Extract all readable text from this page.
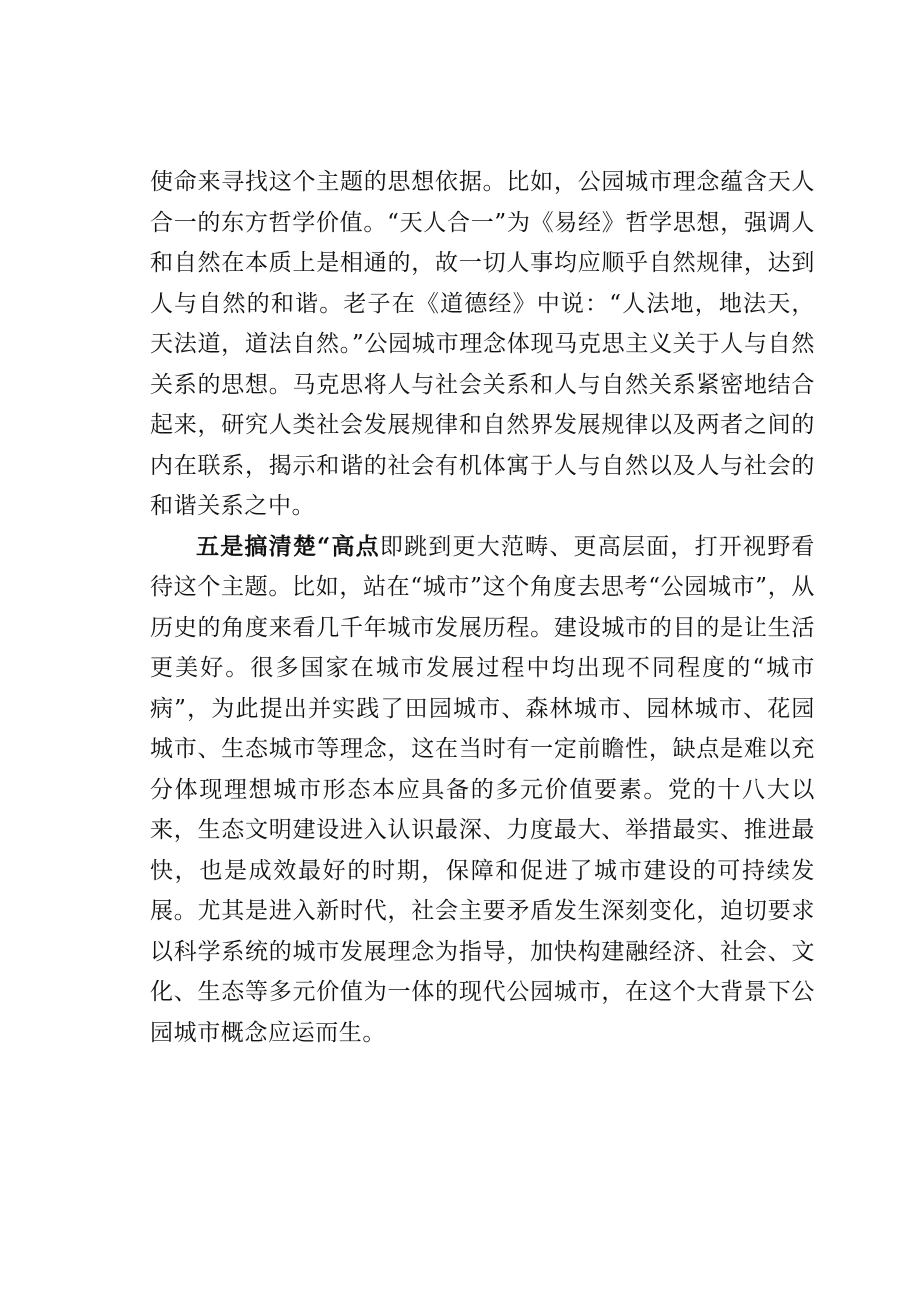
使命来寻找这个主题的思想依据。比如，公园城市理念蕴含天人合一的东方哲学价值。“天人合一”为《易经》哲学思想，强调人和自然在本质上是相通的，故一切人事均应顺乎自然规律，达到人与自然的和谐。老子在《道德经》中说：“人法地，地法天，天法道，道法自然。”公园城市理念体现马克思主义关于人与自然关系的思想。马克思将人与社会关系和人与自然关系紧密地结合起来，研究人类社会发展规律和自然界发展规律以及两者之间的内在联系，揭示和谐的社会有机体寓于人与自然以及人与社会的和谐关系之中。

五是搞清楚“高点即跳到更大范畴、更高层面，打开视野看待这个主题。比如，站在“城市”这个角度去思考“公园城市”，从历史的角度来看几千年城市发展历程。建设城市的目的是让生活更美好。很多国家在城市发展过程中均出现不同程度的“城市病”，为此提出并实践了田园城市、森林城市、园林城市、花园城市、生态城市等理念，这在当时有一定前瞻性，缺点是难以充分体现理想城市形态本应具备的多元价值要素。党的十八大以来，生态文明建设进入认识最深、力度最大、举措最实、推进最快，也是成效最好的时期，保障和促进了城市建设的可持续发展。尤其是进入新时代，社会主要矛盾发生深刻变化，迫切要求以科学系统的城市发展理念为指导，加快构建融经济、社会、文化、生态等多元价值为一体的现代公园城市，在这个大背景下公园城市概念应运而生。
